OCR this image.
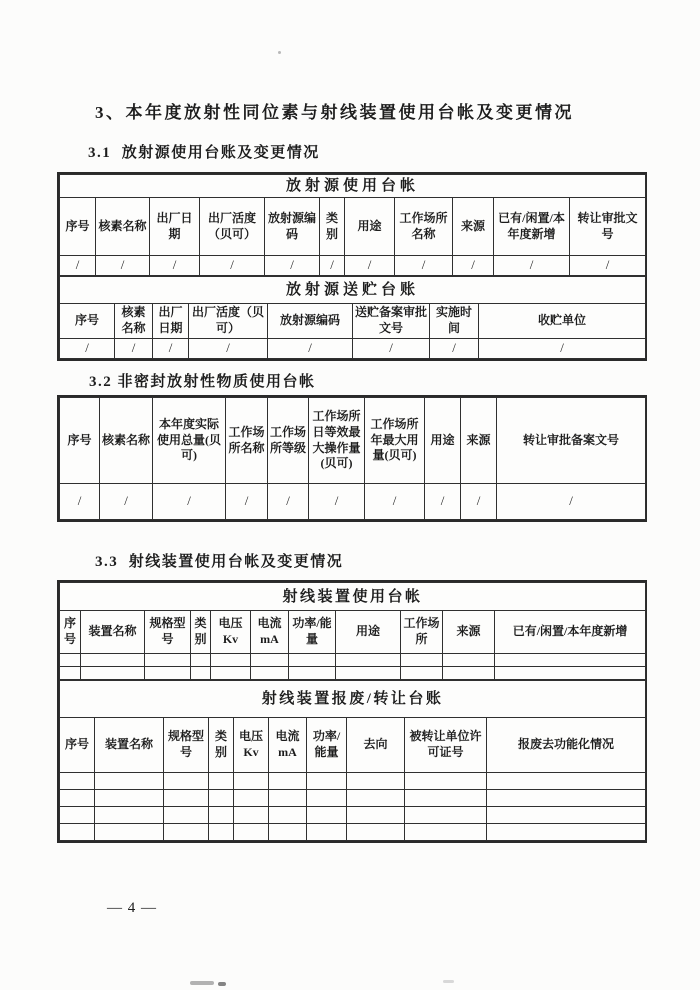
3、本年度放射性同位素与射线装置使用台帐及变更情况
3.1  放射源使用台账及变更情况
放射源使用台帐										
序号	核素名称	出厂日期	出厂活度（贝可）	放射源编码	类别	用途	工作场所名称	来源	已有/闲置/本年度新增	转让审批文号
/	/	/	/	/	/	/	/	/	/	/
放射源送贮台账							
序号	核素名称	出厂日期	出厂活度（贝可）	放射源编码	送贮备案审批文号	实施时间	收贮单位
/	/	/	/	/	/	/	/
3.2 非密封放射性物质使用台帐
序号	核素名称	本年度实际使用总量(贝可)	工作场所名称	工作场所等级	工作场所日等效最大操作量(贝可)	工作场所年最大用量(贝可)	用途	来源	转让审批备案文号
/	/	/	/	/	/	/	/	/	/
3.3  射线装置使用台帐及变更情况
射线装置使用台帐										
序号	装置名称	规格型号	类别	电压Kv	电流mA	功率/能量	用途	工作场所	来源	已有/闲置/本年度新增

射线装置报废/转让台账									
序号	装置名称	规格型号	类别	电压Kv	电流mA	功率/能量	去向	被转让单位许可证号	报废去功能化情况

— 4 —
